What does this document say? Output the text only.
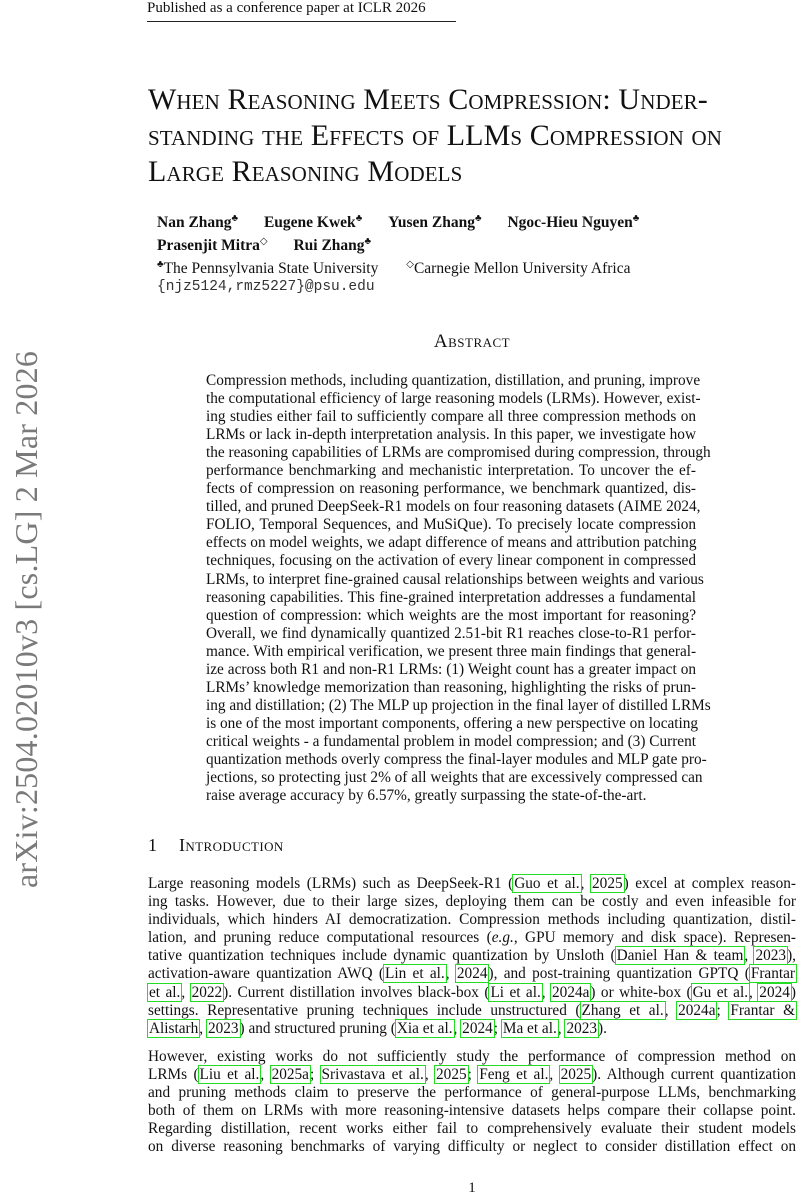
Published as a conference paper at ICLR 2026
arXiv:2504.02010v3 [cs.LG] 2 Mar 2026
When Reasoning Meets Compression: Under-
standing the Effects of LLMs Compression on
Large Reasoning Models
Nan Zhang♣ Eugene Kwek♣ Yusen Zhang♣ Ngoc-Hieu Nguyen♣
Prasenjit Mitra◇ Rui Zhang♣
♣The Pennsylvania State University	◇Carnegie Mellon University Africa
{njz5124,rmz5227}@psu.edu
Abstract
Compression methods, including quantization, distillation, and pruning, improve
the computational efficiency of large reasoning models (LRMs). However, exist-
ing studies either fail to sufficiently compare all three compression methods on
LRMs or lack in-depth interpretation analysis. In this paper, we investigate how
the reasoning capabilities of LRMs are compromised during compression, through
performance benchmarking and mechanistic interpretation. To uncover the ef-
fects of compression on reasoning performance, we benchmark quantized, dis-
tilled, and pruned DeepSeek-R1 models on four reasoning datasets (AIME 2024,
FOLIO, Temporal Sequences, and MuSiQue). To precisely locate compression
effects on model weights, we adapt difference of means and attribution patching
techniques, focusing on the activation of every linear component in compressed
LRMs, to interpret fine-grained causal relationships between weights and various
reasoning capabilities. This fine-grained interpretation addresses a fundamental
question of compression: which weights are the most important for reasoning?
Overall, we find dynamically quantized 2.51-bit R1 reaches close-to-R1 perfor-
mance. With empirical verification, we present three main findings that general-
ize across both R1 and non-R1 LRMs: (1) Weight count has a greater impact on
LRMs’ knowledge memorization than reasoning, highlighting the risks of prun-
ing and distillation; (2) The MLP up projection in the final layer of distilled LRMs
is one of the most important components, offering a new perspective on locating
critical weights - a fundamental problem in model compression; and (3) Current
quantization methods overly compress the final-layer modules and MLP gate pro-
jections, so protecting just 2% of all weights that are excessively compressed can
raise average accuracy by 6.57%, greatly surpassing the state-of-the-art.
1 Introduction
Large reasoning models (LRMs) such as DeepSeek-R1 (Guo et al., 2025) excel at complex reason-
ing tasks. However, due to their large sizes, deploying them can be costly and even infeasible for
individuals, which hinders AI democratization. Compression methods including quantization, distil-
lation, and pruning reduce computational resources (e.g., GPU memory and disk space). Represen-
tative quantization techniques include dynamic quantization by Unsloth (Daniel Han & team, 2023),
activation-aware quantization AWQ (Lin et al., 2024), and post-training quantization GPTQ (Frantar
et al., 2022). Current distillation involves black-box (Li et al., 2024a) or white-box (Gu et al., 2024)
settings. Representative pruning techniques include unstructured (Zhang et al., 2024a; Frantar &
Alistarh, 2023) and structured pruning (Xia et al., 2024; Ma et al., 2023).
However, existing works do not sufficiently study the performance of compression method on
LRMs (Liu et al., 2025a; Srivastava et al., 2025; Feng et al., 2025). Although current quantization
and pruning methods claim to preserve the performance of general-purpose LLMs, benchmarking
both of them on LRMs with more reasoning-intensive datasets helps compare their collapse point.
Regarding distillation, recent works either fail to comprehensively evaluate their student models
on diverse reasoning benchmarks of varying difficulty or neglect to consider distillation effect on
1
